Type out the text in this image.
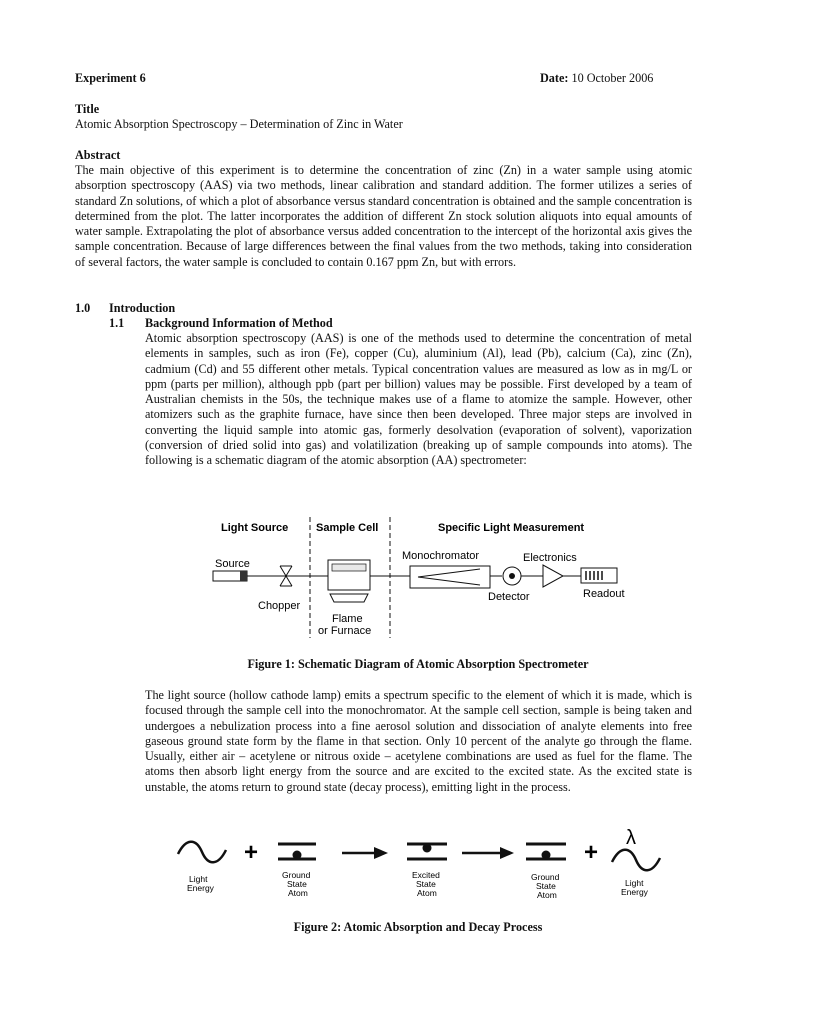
Experiment 6	Date: 10 October 2006
Title
Atomic Absorption Spectroscopy – Determination of Zinc in Water
Abstract

The main objective of this experiment is to determine the concentration of zinc (Zn) in a water sample using atomic absorption spectroscopy (AAS) via two methods, linear calibration and standard addition. The former utilizes a series of standard Zn solutions, of which a plot of absorbance versus standard concentration is obtained and the sample concentration is determined from the plot. The latter incorporates the addition of different Zn stock solution aliquots into equal amounts of water sample. Extrapolating the plot of absorbance versus added concentration to the intercept of the horizontal axis gives the sample concentration. Because of large differences between the final values from the two methods, taking into consideration of several factors, the water sample is concluded to contain 0.167 ppm Zn, but with errors.

1.0 Introduction
1.1 Background Information of Method

Atomic absorption spectroscopy (AAS) is one of the methods used to determine the concentration of metal elements in samples, such as iron (Fe), copper (Cu), aluminium (Al), lead (Pb), calcium (Ca), zinc (Zn), cadmium (Cd) and 55 different other metals. Typical concentration values are measured as low as in mg/L or ppm (parts per million), although ppb (part per billion) values may be possible. First developed by a team of Australian chemists in the 50s, the technique makes use of a flame to atomize the sample. However, other atomizers such as the graphite furnace, have since then been developed. Three major steps are involved in converting the liquid sample into atomic gas, formerly desolvation (evaporation of solvent), vaporization (conversion of dried solid into gas) and volatilization (breaking up of sample compounds into atoms). The following is a schematic diagram of the atomic absorption (AA) spectrometer:

Light Source	Sample Cell	Specific Light Measurement
Source
Chopper
Flame
or Furnace
Monochromator
Detector
Electronics
Readout
Figure 1: Schematic Diagram of Atomic Absorption Spectrometer

The light source (hollow cathode lamp) emits a spectrum specific to the element of which it is made, which is focused through the sample cell into the monochromator. At the sample cell section, sample is being taken and undergoes a nebulization process into a fine aerosol solution and dissociation of analyte elements into free gaseous ground state form by the flame in that section. Only 10 percent of the analyte go through the flame. Usually, either air – acetylene or nitrous oxide – acetylene combinations are used as fuel for the flame. The atoms then absorb light energy from the source and are excited to the excited state. As the excited state is unstable, the atoms return to ground state (decay process), emitting light in the process.

Light
Energy
+
Ground
State
Atom
Excited
State
Atom
Ground
State
Atom
+
λ
Light
Energy
Figure 2: Atomic Absorption and Decay Process
